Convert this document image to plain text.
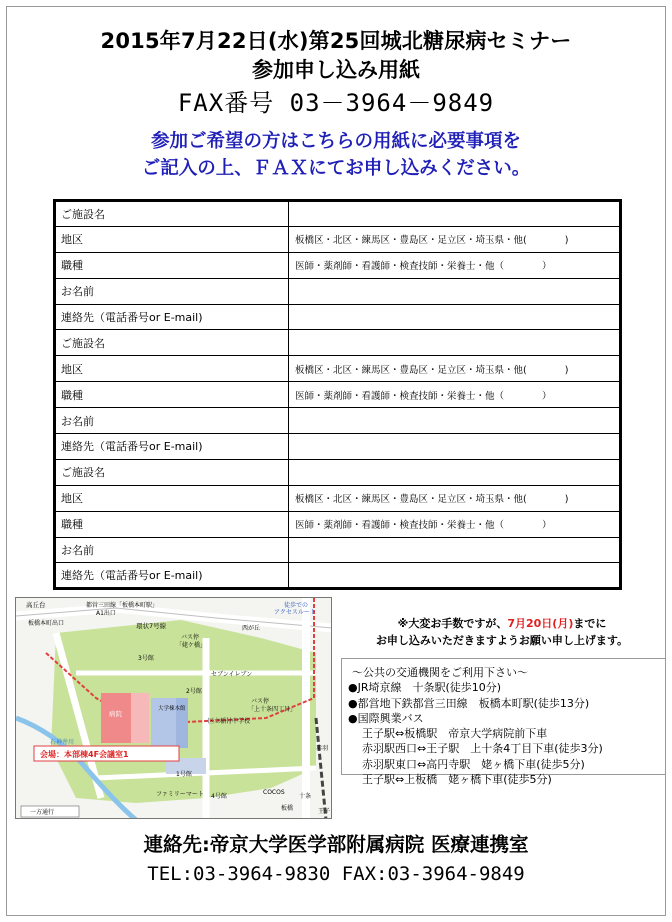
2015年7月22日(水)第25回城北糖尿病セミナー
参加申し込み用紙
FAX番号 03－3964－9849
参加ご希望の方はこちらの用紙に必要事項を
ご記入の上、ＦＡＸにてお申し込みください。
ご施設名	
地区	板橋区・北区・練馬区・豊島区・足立区・埼玉県・他(　　　　)
職種	医師・薬剤師・看護師・検査技師・栄養士・他（　　　　）
お名前	
連絡先（電話番号or E-mail)	
ご施設名	
地区	板橋区・北区・練馬区・豊島区・足立区・埼玉県・他(　　　　)
職種	医師・薬剤師・看護師・検査技師・栄養士・他（　　　　）
お名前	
連絡先（電話番号or E-mail)	
ご施設名	
地区	板橋区・北区・練馬区・豊島区・足立区・埼玉県・他(　　　　)
職種	医師・薬剤師・看護師・検査技師・栄養士・他（　　　　）
お名前	
連絡先（電話番号or E-mail)	
高丘台	都営三田線「板橋本町駅」
A1出口
板橋本町出口
徒歩での
アクセスルート
環状7号線
バス停
「姥ケ橋」
西が丘
セブンイレブン
バス停
「上十条四丁目」
病院
大学棟本館
2号館
3号館
1号館
4号館
区立稲付中学校
ファミリーマート	COCOS
赤羽
王子
板橋
十条
石神井川
会場：本部棟4F会議室1
一方通行
※大変お手数ですが、7月20日(月)までに
お申し込みいただきますようお願い申し上げます。
～公共の交通機関をご利用下さい～
●JR埼京線　十条駅(徒歩10分)
●都営地下鉄都営三田線　板橋本町駅(徒歩13分)
●国際興業バス
王子駅⇔板橋駅　帝京大学病院前下車
赤羽駅西口⇔王子駅　上十条4丁目下車(徒歩3分)
赤羽駅東口⇔高円寺駅　姥ヶ橋下車(徒歩5分)
王子駅⇔上板橋　姥ヶ橋下車(徒歩5分)
連絡先:帝京大学医学部附属病院 医療連携室
TEL:03-3964-9830 FAX:03-3964-9849
